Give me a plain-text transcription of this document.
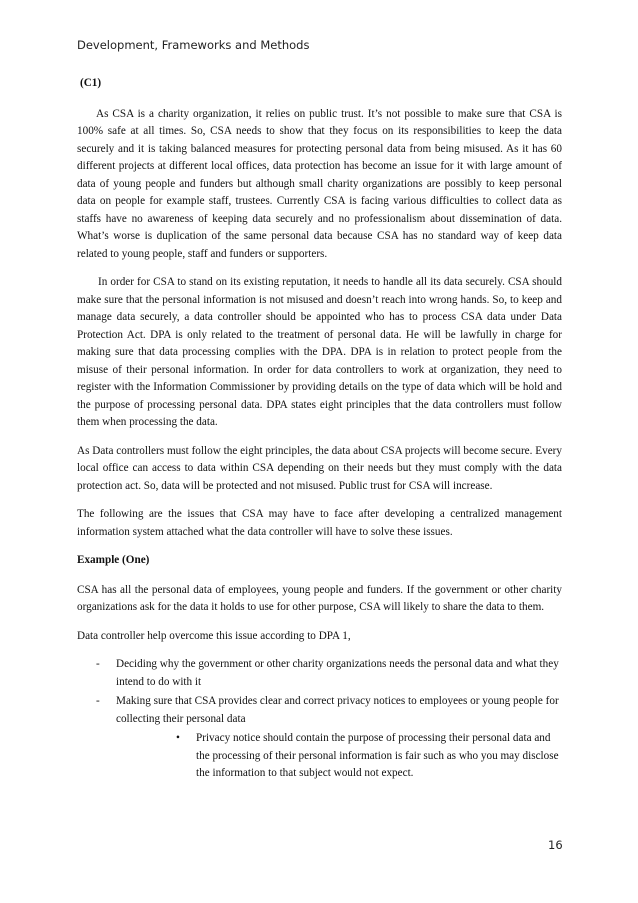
Development, Frameworks and Methods

(C1)

As CSA is a charity organization, it relies on public trust. It’s not possible to make sure that CSA is 100% safe at all times. So, CSA needs to show that they focus on its responsibilities to keep the data securely and it is taking balanced measures for protecting personal data from being misused. As it has 60 different projects at different local offices, data protection has become an issue for it with large amount of data of young people and funders but although small charity organizations are possibly to keep personal data on people for example staff, trustees. Currently CSA is facing various difficulties to collect data as staffs have no awareness of keeping data securely and no professionalism about dissemination of data. What’s worse is duplication of the same personal data because CSA has no standard way of keep data related to young people, staff and funders or supporters.

In order for CSA to stand on its existing reputation, it needs to handle all its data securely. CSA should make sure that the personal information is not misused and doesn’t reach into wrong hands. So, to keep and manage data securely, a data controller should be appointed who has to process CSA data under Data Protection Act. DPA is only related to the treatment of personal data. He will be lawfully in charge for making sure that data processing complies with the DPA. DPA is in relation to protect people from the misuse of their personal information. In order for data controllers to work at organization, they need to register with the Information Commissioner by providing details on the type of data which will be hold and the purpose of processing personal data. DPA states eight principles that the data controllers must follow them when processing the data.

As Data controllers must follow the eight principles, the data about CSA projects will become secure. Every local office can access to data within CSA depending on their needs but they must comply with the data protection act. So, data will be protected and not misused. Public trust for CSA will increase.

The following are the issues that CSA may have to face after developing a centralized management information system attached what the data controller will have to solve these issues.

Example (One)

CSA has all the personal data of employees, young people and funders. If the government or other charity organizations ask for the data it holds to use for other purpose, CSA will likely to share the data to them.

Data controller help overcome this issue according to DPA 1,

- Deciding why the government or other charity organizations needs the personal data and what they intend to do with it
- Making sure that CSA provides clear and correct privacy notices to employees or young people for collecting their personal data
• Privacy notice should contain the purpose of processing their personal data and the processing of their personal information is fair such as who you may disclose the information to that subject would not expect.
16
